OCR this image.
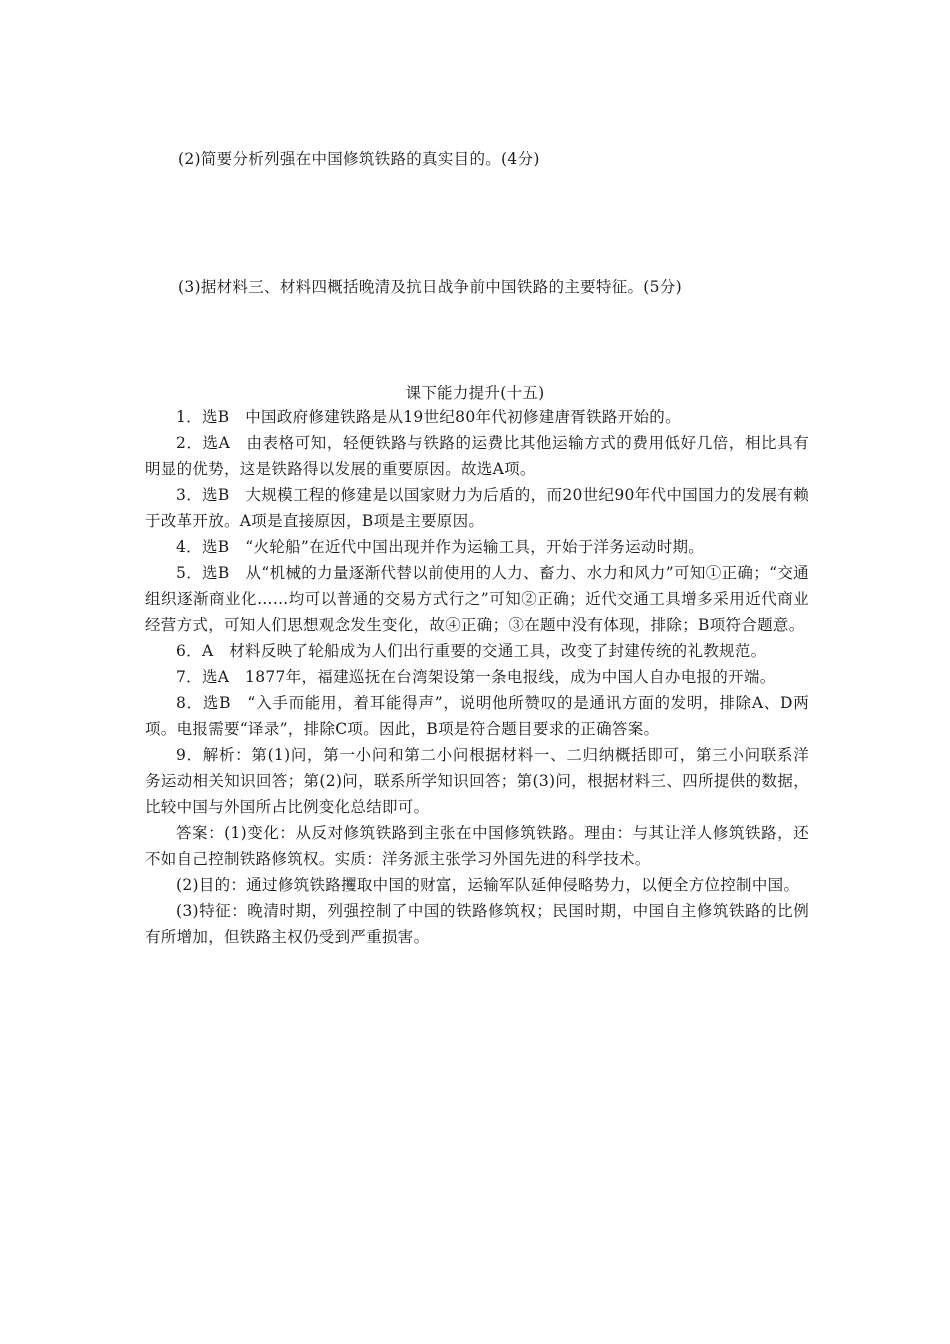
(2)简要分析列强在中国修筑铁路的真实目的。(4分)
(3)据材料三、材料四概括晚清及抗日战争前中国铁路的主要特征。(5分)
课下能力提升(十五)

1．选B　中国政府修建铁路是从19世纪80年代初修建唐胥铁路开始的。

2．选A　由表格可知，轻便铁路与铁路的运费比其他运输方式的费用低好几倍，相比具有明显的优势，这是铁路得以发展的重要原因。故选A项。

3．选B　大规模工程的修建是以国家财力为后盾的，而20世纪90年代中国国力的发展有赖于改革开放。A项是直接原因，B项是主要原因。

4．选B　“火轮船”在近代中国出现并作为运输工具，开始于洋务运动时期。

5．选B　从“机械的力量逐渐代替以前使用的人力、畜力、水力和风力”可知①正确；“交通组织逐渐商业化……均可以普通的交易方式行之”可知②正确；近代交通工具增多采用近代商业经营方式，可知人们思想观念发生变化，故④正确；③在题中没有体现，排除；B项符合题意。

6．A　材料反映了轮船成为人们出行重要的交通工具，改变了封建传统的礼教规范。

7．选A　1877年，福建巡抚在台湾架设第一条电报线，成为中国人自办电报的开端。

8．选B　“入手而能用，着耳能得声”，说明他所赞叹的是通讯方面的发明，排除A、D两项。电报需要“译录”，排除C项。因此，B项是符合题目要求的正确答案。

9．解析：第(1)问，第一小问和第二小问根据材料一、二归纳概括即可，第三小问联系洋务运动相关知识回答；第(2)问，联系所学知识回答；第(3)问，根据材料三、四所提供的数据，比较中国与外国所占比例变化总结即可。

答案：(1)变化：从反对修筑铁路到主张在中国修筑铁路。理由：与其让洋人修筑铁路，还不如自己控制铁路修筑权。实质：洋务派主张学习外国先进的科学技术。

(2)目的：通过修筑铁路攫取中国的财富，运输军队延伸侵略势力，以便全方位控制中国。

(3)特征：晚清时期，列强控制了中国的铁路修筑权；民国时期，中国自主修筑铁路的比例有所增加，但铁路主权仍受到严重损害。
